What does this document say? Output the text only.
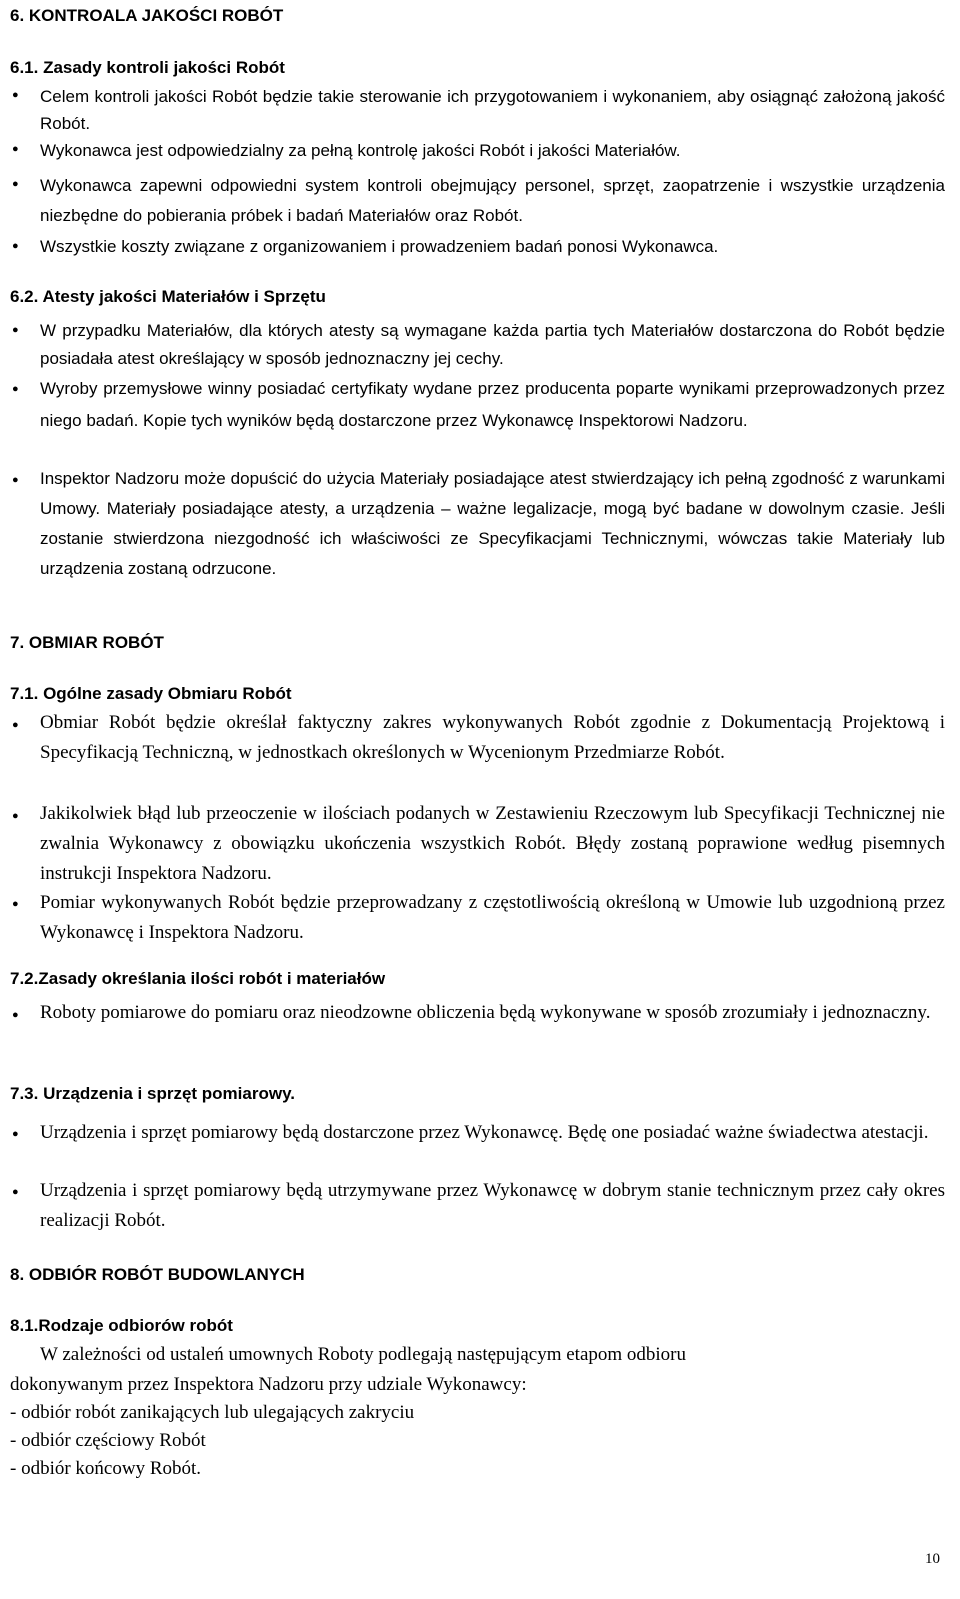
6. KONTROALA JAKOŚCI ROBÓT
6.1. Zasady kontroli jakości Robót
● Celem kontroli jakości Robót będzie takie sterowanie ich przygotowaniem i wykonaniem, aby osiągnąć założoną jakość Robót.

● Wykonawca jest odpowiedzialny za pełną kontrolę jakości Robót i jakości Materiałów.

● Wykonawca zapewni odpowiedni system kontroli obejmujący personel, sprzęt, zaopatrzenie i wszystkie urządzenia niezbędne do pobierania próbek i badań Materiałów oraz Robót.

● Wszystkie koszty związane z organizowaniem i prowadzeniem badań ponosi Wykonawca.

6.2. Atesty jakości Materiałów i Sprzętu
● W przypadku Materiałów, dla których atesty są wymagane każda partia tych Materiałów dostarczona do Robót będzie posiadała atest określający w sposób jednoznaczny jej cechy.

● Wyroby przemysłowe winny posiadać certyfikaty wydane przez producenta poparte wynikami przeprowadzonych przez niego badań. Kopie tych wyników będą dostarczone przez Wykonawcę Inspektorowi Nadzoru.

● Inspektor Nadzoru może dopuścić do użycia Materiały posiadające atest stwierdzający ich pełną zgodność z warunkami Umowy. Materiały posiadające atesty, a urządzenia – ważne legalizacje, mogą być badane w dowolnym czasie. Jeśli zostanie stwierdzona niezgodność ich właściwości ze Specyfikacjami Technicznymi, wówczas takie Materiały lub urządzenia zostaną odrzucone.

7. OBMIAR ROBÓT
7.1. Ogólne zasady Obmiaru Robót
● Obmiar Robót będzie określał faktyczny zakres wykonywanych Robót zgodnie z Dokumentacją Projektową i Specyfikacją Techniczną, w jednostkach określonych w Wycenionym Przedmiarze Robót.

● Jakikolwiek błąd lub przeoczenie w ilościach podanych w Zestawieniu Rzeczowym lub Specyfikacji Technicznej nie zwalnia Wykonawcy z obowiązku ukończenia wszystkich Robót. Błędy zostaną poprawione według pisemnych instrukcji Inspektora Nadzoru.

● Pomiar wykonywanych Robót będzie przeprowadzany z częstotliwością określoną w Umowie lub uzgodnioną przez Wykonawcę i Inspektora Nadzoru.

7.2.Zasady określania ilości robót i materiałów
● Roboty pomiarowe do pomiaru oraz nieodzowne obliczenia będą wykonywane w sposób zrozumiały i jednoznaczny.

7.3. Urządzenia i sprzęt pomiarowy.
● Urządzenia i sprzęt pomiarowy będą dostarczone przez Wykonawcę. Będę one posiadać ważne świadectwa atestacji.

● Urządzenia i sprzęt pomiarowy będą utrzymywane przez Wykonawcę w dobrym stanie technicznym przez cały okres realizacji Robót.

8. ODBIÓR ROBÓT BUDOWLANYCH
8.1.Rodzaje odbiorów robót
W zależności od ustaleń umownych Roboty podlegają następującym etapom odbioru
dokonywanym przez Inspektora Nadzoru przy udziale Wykonawcy:
- odbiór robót zanikających lub ulegających zakryciu
- odbiór częściowy Robót
- odbiór końcowy Robót.
10
